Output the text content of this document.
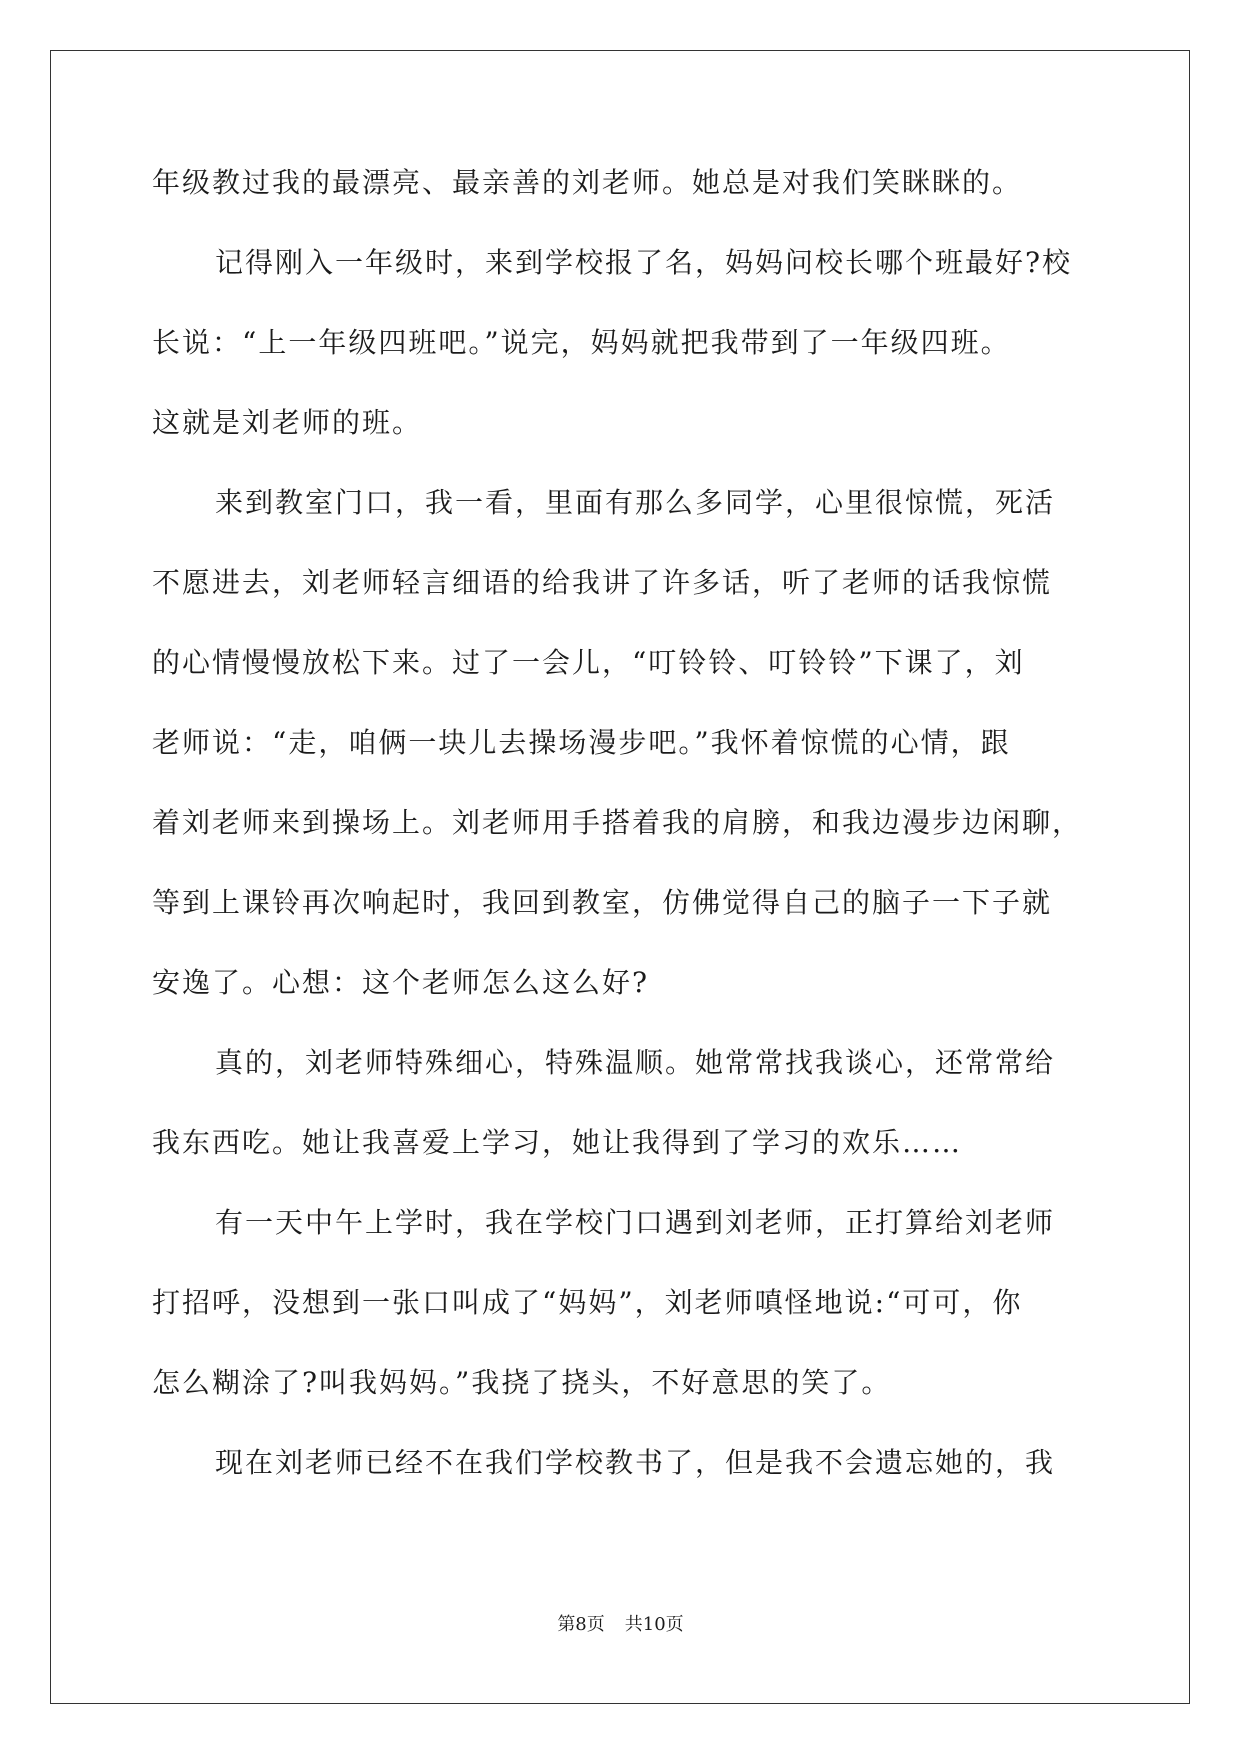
年级教过我的最漂亮、最亲善的刘老师。她总是对我们笑眯眯的。
记得刚入一年级时，来到学校报了名，妈妈问校长哪个班最好?校
长说：“上一年级四班吧。”说完，妈妈就把我带到了一年级四班。
这就是刘老师的班。
来到教室门口，我一看，里面有那么多同学，心里很惊慌，死活
不愿进去，刘老师轻言细语的给我讲了许多话，听了老师的话我惊慌
的心情慢慢放松下来。过了一会儿，“叮铃铃、叮铃铃”下课了，刘
老师说：“走，咱俩一块儿去操场漫步吧。”我怀着惊慌的心情，跟
着刘老师来到操场上。刘老师用手搭着我的肩膀，和我边漫步边闲聊，
等到上课铃再次响起时，我回到教室，仿佛觉得自己的脑子一下子就
安逸了。心想：这个老师怎么这么好?
真的，刘老师特殊细心，特殊温顺。她常常找我谈心，还常常给
我东西吃。她让我喜爱上学习，她让我得到了学习的欢乐……
有一天中午上学时，我在学校门口遇到刘老师，正打算给刘老师
打招呼，没想到一张口叫成了“妈妈”，刘老师嗔怪地说:“可可，你
怎么糊涂了?叫我妈妈。”我挠了挠头，不好意思的笑了。
现在刘老师已经不在我们学校教书了，但是我不会遗忘她的，我
第8页 共10页
